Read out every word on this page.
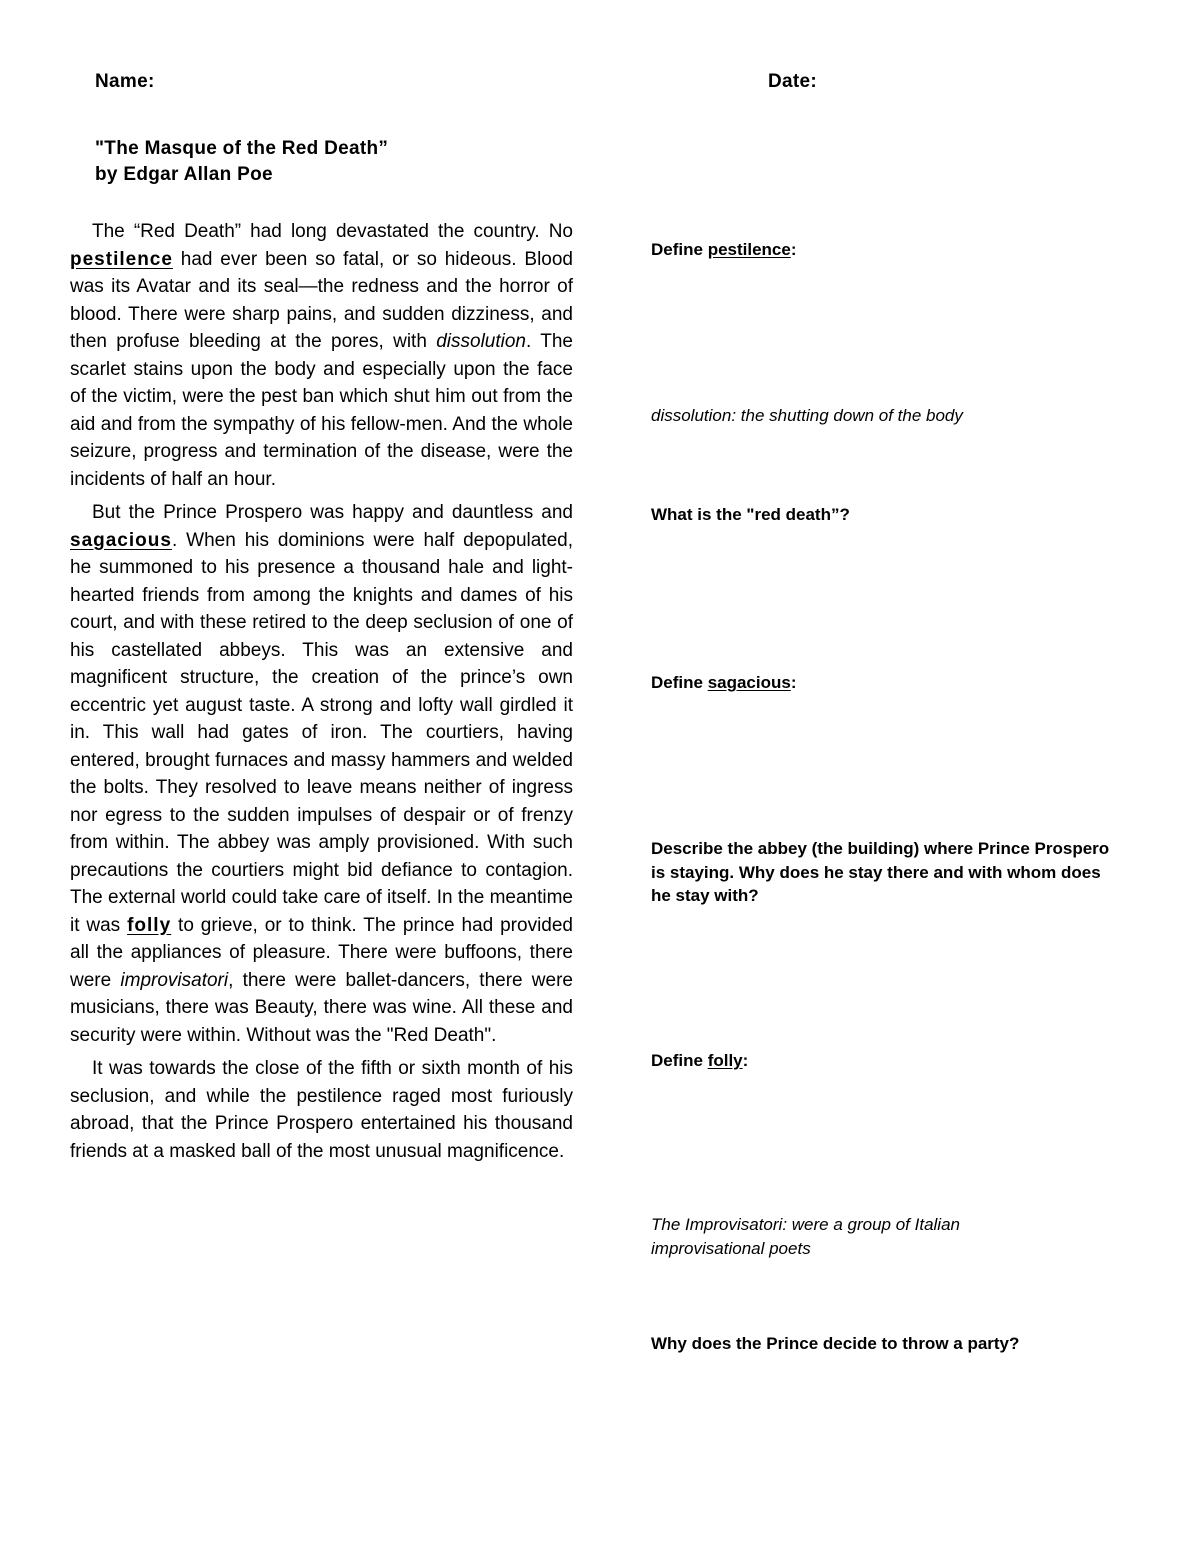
Name:	Date:
"The Masque of the Red Death”
by Edgar Allan Poe

The “Red Death” had long devastated the country. No pestilence had ever been so fatal, or so hideous. Blood was its Avatar and its seal—the redness and the horror of blood. There were sharp pains, and sudden dizziness, and then profuse bleeding at the pores, with dissolution. The scarlet stains upon the body and especially upon the face of the victim, were the pest ban which shut him out from the aid and from the sympathy of his fellow-men. And the whole seizure, progress and termination of the disease, were the incidents of half an hour.

But the Prince Prospero was happy and dauntless and sagacious. When his dominions were half depopulated, he summoned to his presence a thousand hale and light-hearted friends from among the knights and dames of his court, and with these retired to the deep seclusion of one of his castellated abbeys. This was an extensive and magnificent structure, the creation of the prince’s own eccentric yet august taste. A strong and lofty wall girdled it in. This wall had gates of iron. The courtiers, having entered, brought furnaces and massy hammers and welded the bolts. They resolved to leave means neither of ingress nor egress to the sudden impulses of despair or of frenzy from within. The abbey was amply provisioned. With such precautions the courtiers might bid defiance to contagion. The external world could take care of itself. In the meantime it was folly to grieve, or to think. The prince had provided all the appliances of pleasure. There were buffoons, there were improvisatori, there were ballet-dancers, there were musicians, there was Beauty, there was wine. All these and security were within. Without was the "Red Death".

It was towards the close of the fifth or sixth month of his seclusion, and while the pestilence raged most furiously abroad, that the Prince Prospero entertained his thousand friends at a masked ball of the most unusual magnificence.

Define pestilence:
dissolution: the shutting down of the body
What is the "red death”?
Define sagacious:
Describe the abbey (the building) where Prince Prospero is staying. Why does he stay there and with whom does he stay with?
Define folly:
The Improvisatori: were a group of Italian improvisational poets
Why does the Prince decide to throw a party?
